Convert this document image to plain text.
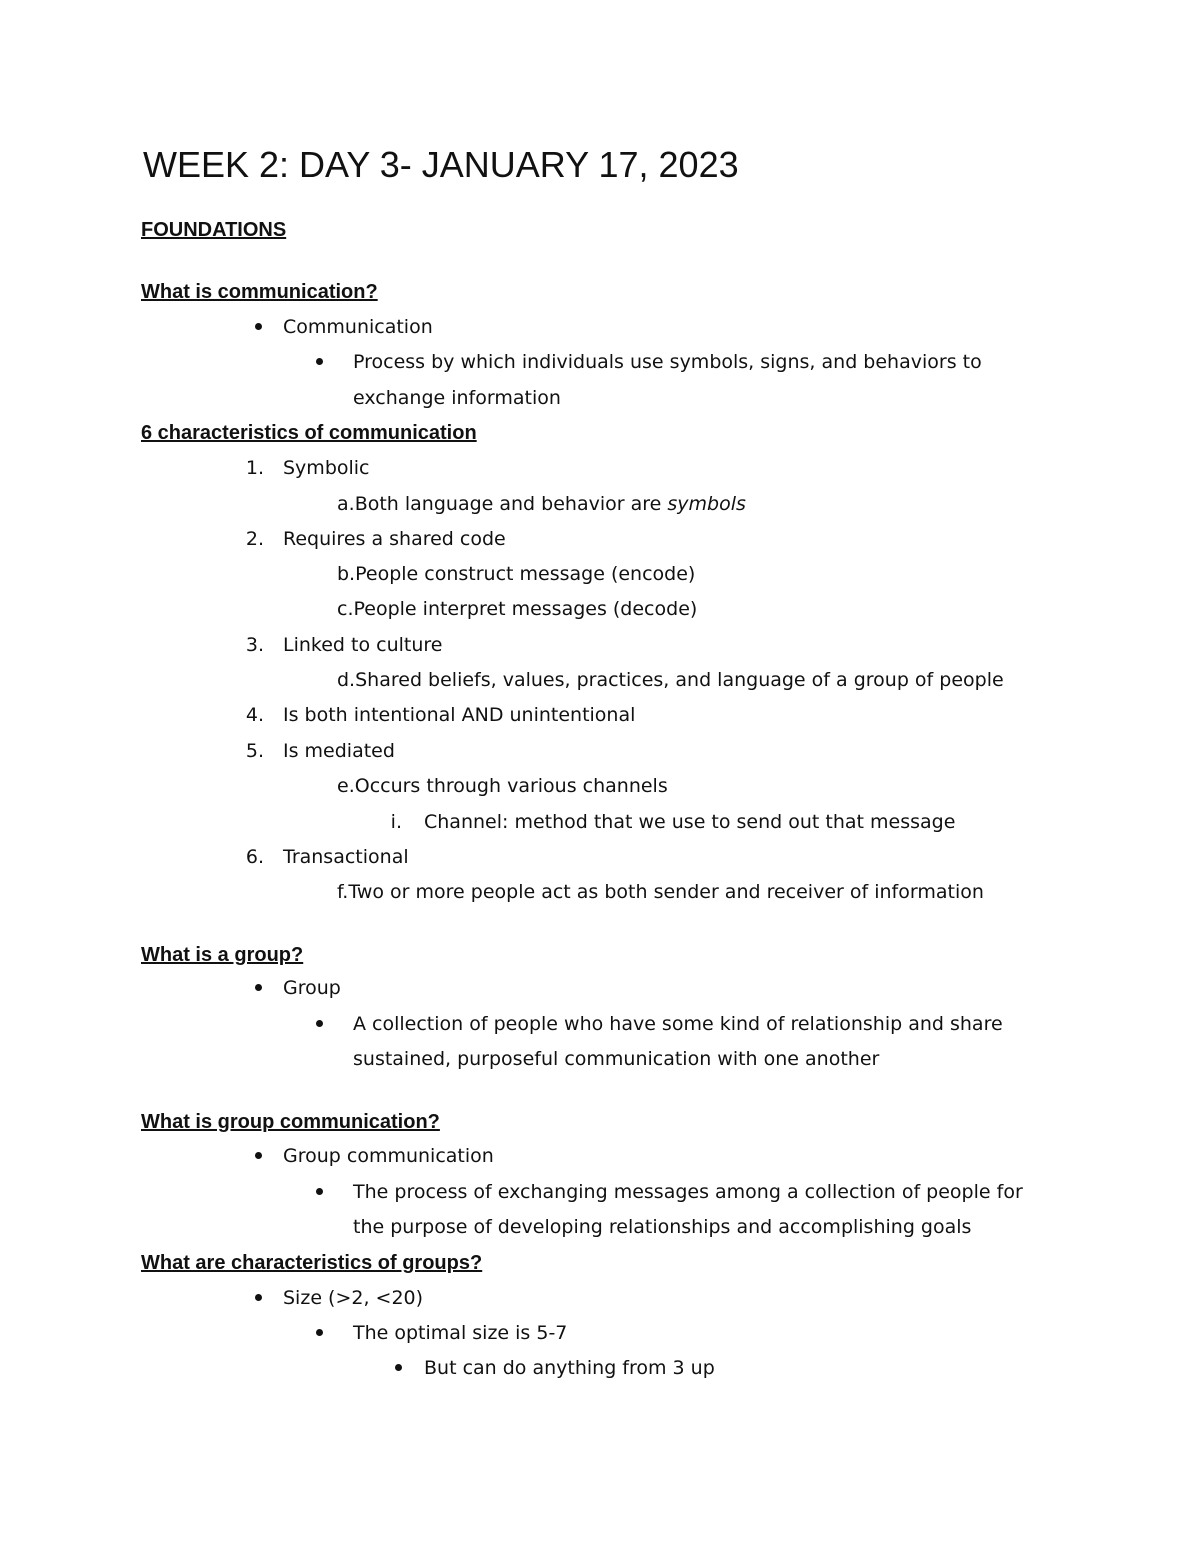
WEEK 2: DAY 3- JANUARY 17, 2023
FOUNDATIONS
What is communication?
Communication
Process by which individuals use symbols, signs, and behaviors to
exchange information
6 characteristics of communication
1. Symbolic
a.Both language and behavior are symbols
2. Requires a shared code
b.People construct message (encode)
c.People interpret messages (decode)
3. Linked to culture
d.Shared beliefs, values, practices, and language of a group of people
4. Is both intentional AND unintentional
5. Is mediated
e.Occurs through various channels
i. Channel: method that we use to send out that message
6. Transactional
f.Two or more people act as both sender and receiver of information
What is a group?
Group
A collection of people who have some kind of relationship and share
sustained, purposeful communication with one another
What is group communication?
Group communication
The process of exchanging messages among a collection of people for
the purpose of developing relationships and accomplishing goals
What are characteristics of groups?
Size (>2, <20)
The optimal size is 5-7
But can do anything from 3 up
